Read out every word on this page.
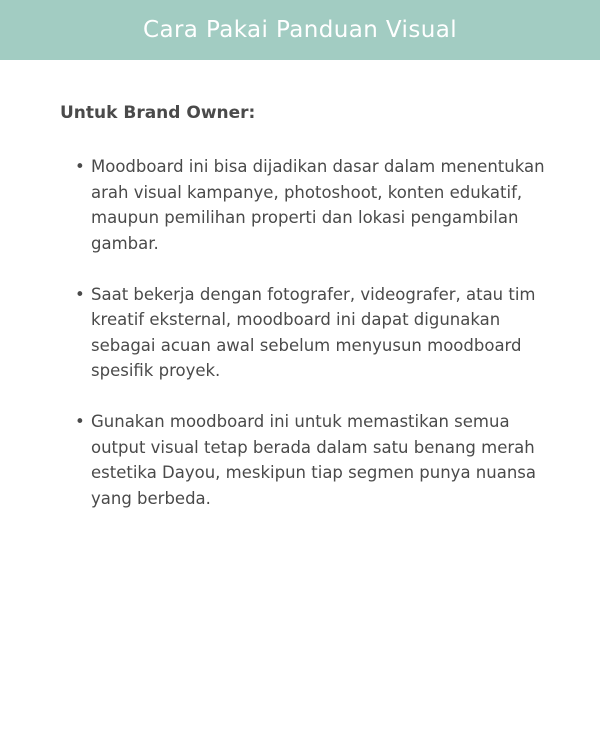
Cara Pakai Panduan Visual
Untuk Brand Owner:
• Moodboard ini bisa dijadikan dasar dalam menentukan arah visual kampanye, photoshoot, konten edukatif, maupun pemilihan properti dan lokasi pengambilan gambar.
• Saat bekerja dengan fotografer, videografer, atau tim kreatif eksternal, moodboard ini dapat digunakan sebagai acuan awal sebelum menyusun moodboard spesifik proyek.
• Gunakan moodboard ini untuk memastikan semua output visual tetap berada dalam satu benang merah estetika Dayou, meskipun tiap segmen punya nuansa yang berbeda.
